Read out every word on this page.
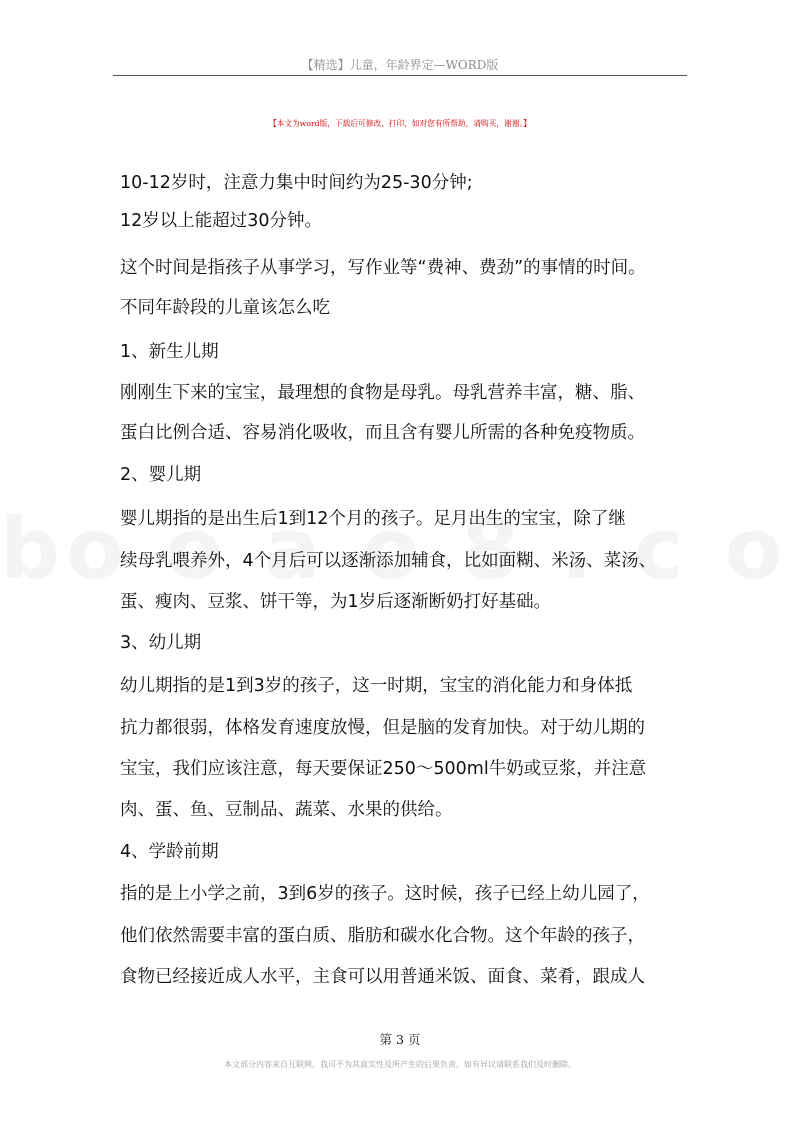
【精选】儿童，年龄界定—WORD版
【本文为word版，下载后可修改、打印，如对您有所帮助，请购买，谢谢。】
10-12岁时，注意力集中时间约为25-30分钟;
12岁以上能超过30分钟。
这个时间是指孩子从事学习，写作业等“费神、费劲”的事情的时间。
不同年龄段的儿童该怎么吃
1、新生儿期
刚刚生下来的宝宝，最理想的食物是母乳。母乳营养丰富，糖、脂、
蛋白比例合适、容易消化吸收，而且含有婴儿所需的各种免疫物质。
2、婴儿期
婴儿期指的是出生后1到12个月的孩子。足月出生的宝宝，除了继
续母乳喂养外，4个月后可以逐渐添加辅食，比如面糊、米汤、菜汤、
蛋、瘦肉、豆浆、饼干等，为1岁后逐渐断奶打好基础。
3、幼儿期
幼儿期指的是1到3岁的孩子，这一时期，宝宝的消化能力和身体抵
抗力都很弱，体格发育速度放慢，但是脑的发育加快。对于幼儿期的
宝宝，我们应该注意，每天要保证250～500ml牛奶或豆浆，并注意
肉、蛋、鱼、豆制品、蔬菜、水果的供给。
4、学龄前期
指的是上小学之前，3到6岁的孩子。这时候，孩子已经上幼儿园了，
他们依然需要丰富的蛋白质、脂肪和碳水化合物。这个年龄的孩子，
食物已经接近成人水平，主食可以用普通米饭、面食、菜肴，跟成人
第 3 页
本文部分内容来自互联网，我司不为其真实性及所产生的后果负责，如有异议请联系我们及时删除。
